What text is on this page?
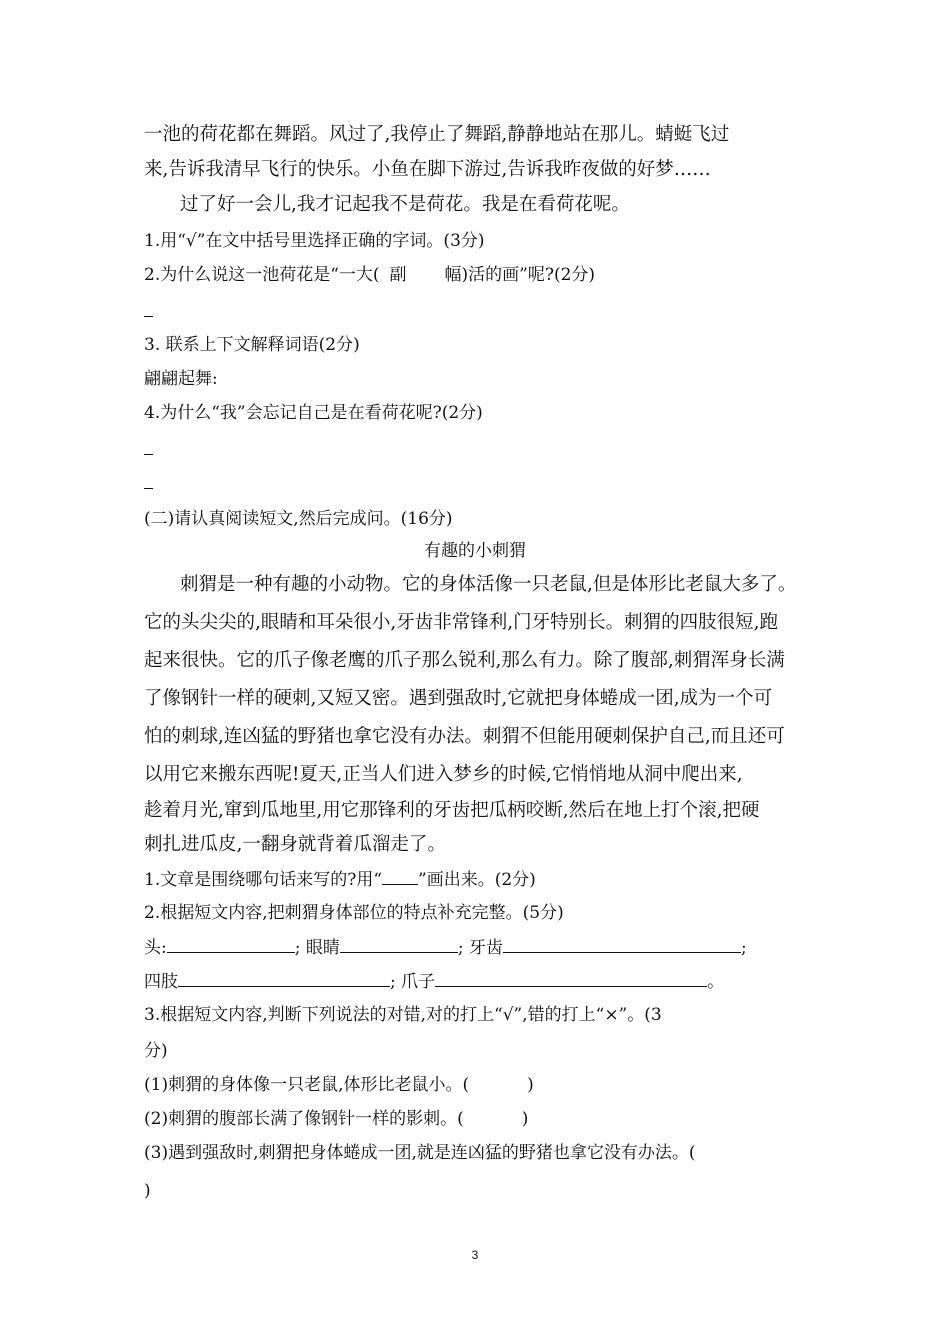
一池的荷花都在舞蹈。风过了,我停止了舞蹈,静静地站在那儿。蜻蜓飞过
来,告诉我清早飞行的快乐。小鱼在脚下游过,告诉我昨夜做的好梦……
过了好一会儿,我才记起我不是荷花。我是在看荷花呢。
1.用“√”在文中括号里选择正确的字词。(3分)
2.为什么说这一池荷花是“一大( 副 幅)活的画”呢?(2分)
3. 联系上下文解释词语(2分)
翩翩起舞:
4.为什么“我”会忘记自己是在看荷花呢?(2分)
(二)请认真阅读短文,然后完成问。(16分)
有趣的小刺猬
刺猬是一种有趣的小动物。它的身体活像一只老鼠,但是体形比老鼠大多了。
它的头尖尖的,眼睛和耳朵很小,牙齿非常锋利,门牙特别长。刺猬的四肢很短,跑
起来很快。它的爪子像老鹰的爪子那么锐利,那么有力。除了腹部,刺猬浑身长满
了像钢针一样的硬刺,又短又密。遇到强敌时,它就把身体蜷成一团,成为一个可
怕的刺球,连凶猛的野猪也拿它没有办法。刺猬不但能用硬刺保护自己,而且还可
以用它来搬东西呢!夏天,正当人们进入梦乡的时候,它悄悄地从洞中爬出来,
趁着月光,窜到瓜地里,用它那锋利的牙齿把瓜柄咬断,然后在地上打个滚,把硬
刺扎进瓜皮,一翻身就背着瓜溜走了。
1.文章是围绕哪句话来写的?用“ ”画出来。(2分)
2.根据短文内容,把刺猬身体部位的特点补充完整。(5分)
头:	; 眼睛	; 牙齿	;
四肢	; 爪子	。
3.根据短文内容,判断下列说法的对错,对的打上“√”,错的打上“×”。(3
分)
(1)刺猬的身体像一只老鼠,体形比老鼠小。(	)
(2)刺猬的腹部长满了像钢针一样的影刺。(	)
(3)遇到强敌时,刺猬把身体蜷成一团,就是连凶猛的野猪也拿它没有办法。(
)
3
